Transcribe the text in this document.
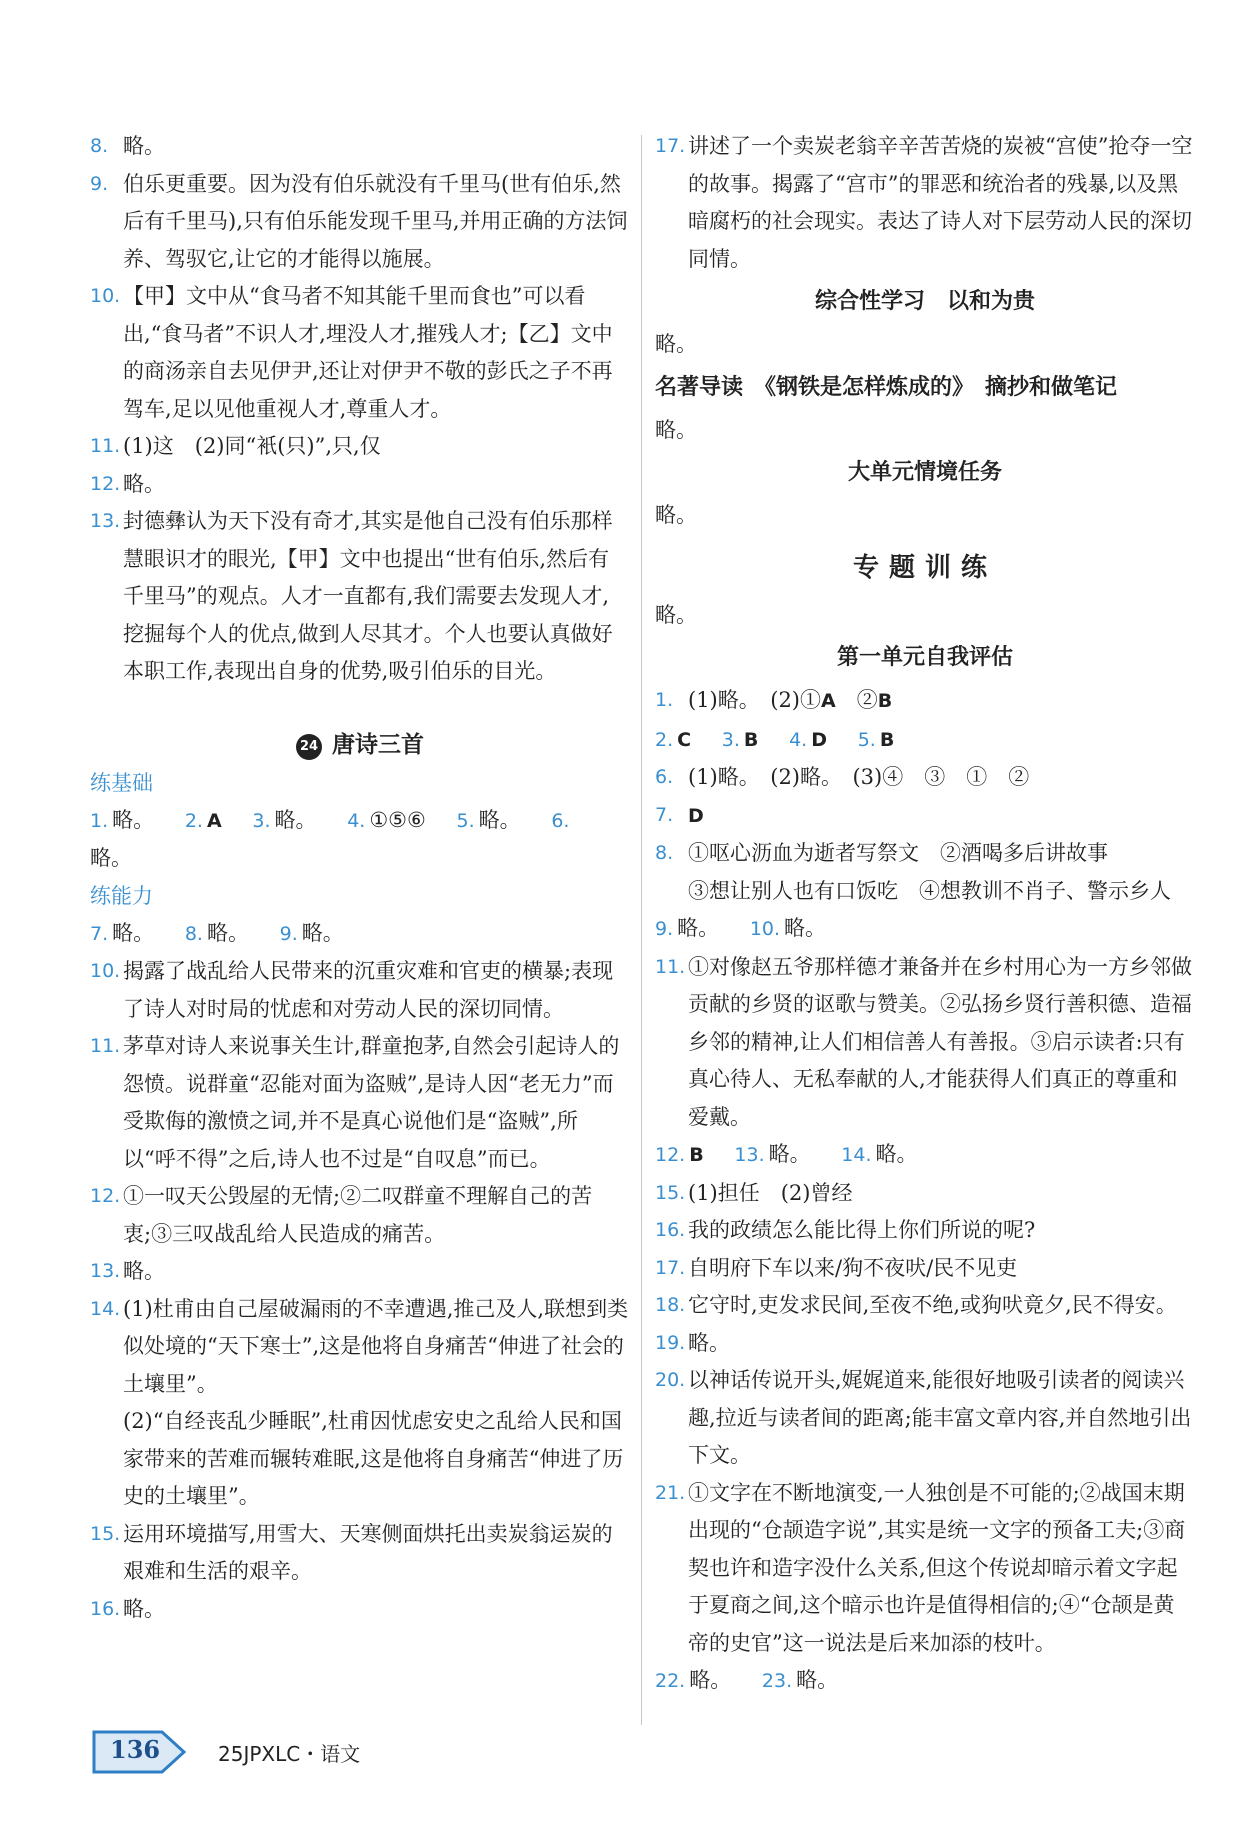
8. 略。
9. 伯乐更重要。因为没有伯乐就没有千里马(世有伯乐,然后有千里马),只有伯乐能发现千里马,并用正确的方法饲养、驾驭它,让它的才能得以施展。
10. 【甲】文中从“食马者不知其能千里而食也”可以看出,“食马者”不识人才,埋没人才,摧残人才;【乙】文中的商汤亲自去见伊尹,还让对伊尹不敬的彭氏之子不再驾车,足以见他重视人才,尊重人才。
11. (1)这　(2)同“衹(只)”,只,仅
12. 略。
13. 封德彝认为天下没有奇才,其实是他自己没有伯乐那样慧眼识才的眼光,【甲】文中也提出“世有伯乐,然后有千里马”的观点。人才一直都有,我们需要去发现人才,挖掘每个人的优点,做到人尽其才。个人也要认真做好本职工作,表现出自身的优势,吸引伯乐的目光。
24 唐诗三首
练基础
1. 略。 2. A 3. 略。 4. ①⑤⑥ 5. 略。 6.略。
练能力
7. 略。 8. 略。 9. 略。
10. 揭露了战乱给人民带来的沉重灾难和官吏的横暴;表现了诗人对时局的忧虑和对劳动人民的深切同情。
11. 茅草对诗人来说事关生计,群童抱茅,自然会引起诗人的怨愤。说群童“忍能对面为盗贼”,是诗人因“老无力”而受欺侮的激愤之词,并不是真心说他们是“盗贼”,所以“呼不得”之后,诗人也不过是“自叹息”而已。
12. ①一叹天公毁屋的无情;②二叹群童不理解自己的苦衷;③三叹战乱给人民造成的痛苦。
13. 略。
14. (1)杜甫由自己屋破漏雨的不幸遭遇,推己及人,联想到类似处境的“天下寒士”,这是他将自身痛苦“伸进了社会的土壤里”。
(2)“自经丧乱少睡眠”,杜甫因忧虑安史之乱给人民和国家带来的苦难而辗转难眠,这是他将自身痛苦“伸进了历史的土壤里”。
15. 运用环境描写,用雪大、天寒侧面烘托出卖炭翁运炭的艰难和生活的艰辛。
16. 略。
17. 讲述了一个卖炭老翁辛辛苦苦烧的炭被“宫使”抢夺一空的故事。揭露了“宫市”的罪恶和统治者的残暴,以及黑暗腐朽的社会现实。表达了诗人对下层劳动人民的深切同情。
综合性学习　以和为贵
略。
名著导读　《钢铁是怎样炼成的》　摘抄和做笔记
略。
大单元情境任务
略。
专题训练
略。
第一单元自我评估
1. (1)略。　(2)①A　②B
2. C 3. B 4. D 5. B
6. (1)略。　(2)略。　(3)④　③　①　②
7. D
8. ①呕心沥血为逝者写祭文　②酒喝多后讲故事
③想让别人也有口饭吃　④想教训不肖子、警示乡人
9. 略。 10. 略。
11. ①对像赵五爷那样德才兼备并在乡村用心为一方乡邻做贡献的乡贤的讴歌与赞美。②弘扬乡贤行善积德、造福乡邻的精神,让人们相信善人有善报。③启示读者:只有真心待人、无私奉献的人,才能获得人们真正的尊重和爱戴。
12. B 13. 略。 14. 略。
15. (1)担任　(2)曾经
16. 我的政绩怎么能比得上你们所说的呢?
17. 自明府下车以来/狗不夜吠/民不见吏
18. 它守时,吏发求民间,至夜不绝,或狗吠竟夕,民不得安。
19. 略。
20. 以神话传说开头,娓娓道来,能很好地吸引读者的阅读兴趣,拉近与读者间的距离;能丰富文章内容,并自然地引出下文。
21. ①文字在不断地演变,一人独创是不可能的;②战国末期出现的“仓颉造字说”,其实是统一文字的预备工夫;③商契也许和造字没什么关系,但这个传说却暗示着文字起于夏商之间,这个暗示也许是值得相信的;④“仓颉是黄帝的史官”这一说法是后来加添的枝叶。
22. 略。 23. 略。
136	25JPXLC・语文
